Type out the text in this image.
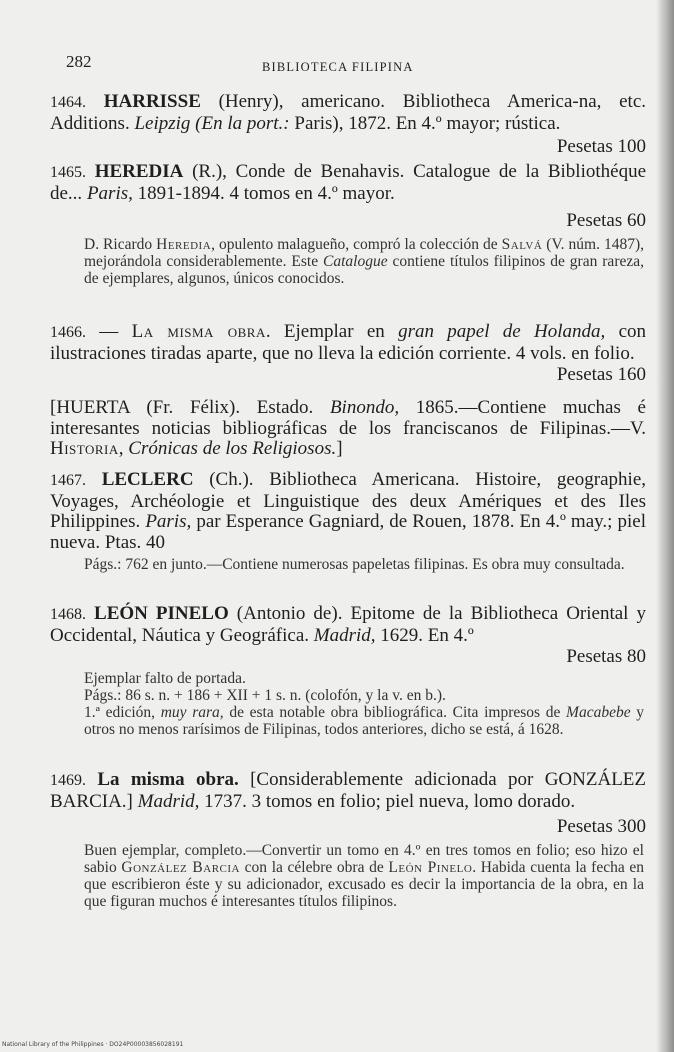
282	BIBLIOTECA FILIPINA
1464. HARRISSE (Henry), americano. Bibliotheca America-na, etc. Additions. Leipzig (En la port.: Paris), 1872. En 4.º mayor; rústica.
Pesetas 100
1465. HEREDIA (R.), Conde de Benahavis. Catalogue de la Bibliothéque de... Paris, 1891-1894. 4 tomos en 4.º mayor.
Pesetas 60
D. Ricardo Heredia, opulento malagueño, compró la colección de Salvá (V. núm. 1487), mejorándola considerablemente. Este Catalogue contiene títulos filipinos de gran rareza, de ejemplares, algunos, únicos conocidos.
1466. — La misma obra. Ejemplar en gran papel de Holanda, con ilustraciones tiradas aparte, que no lleva la edición corriente. 4 vols. en folio.
Pesetas 160
[HUERTA (Fr. Félix). Estado. Binondo, 1865.—Contiene muchas é interesantes noticias bibliográficas de los franciscanos de Filipinas.—V. Historia, Crónicas de los Religiosos.]
1467. LECLERC (Ch.). Bibliotheca Americana. Histoire, geographie, Voyages, Archéologie et Linguistique des deux Amériques et des Iles Philippines. Paris, par Esperance Gagniard, de Rouen, 1878. En 4.º may.; piel nueva. Ptas. 40
Págs.: 762 en junto.—Contiene numerosas papeletas filipinas. Es obra muy consultada.
1468. LEÓN PINELO (Antonio de). Epitome de la Bibliotheca Oriental y Occidental, Náutica y Geográfica. Madrid, 1629. En 4.º
Pesetas 80
Ejemplar falto de portada.
Págs.: 86 s. n. + 186 + XII + 1 s. n. (colofón, y la v. en b.).
1.ª edición, muy rara, de esta notable obra bibliográfica. Cita impresos de Macabebe y otros no menos rarísimos de Filipinas, todos anteriores, dicho se está, á 1628.
1469. La misma obra. [Considerablemente adicionada por GONZÁLEZ BARCIA.] Madrid, 1737. 3 tomos en folio; piel nueva, lomo dorado.
Pesetas 300
Buen ejemplar, completo.—Convertir un tomo en 4.º en tres tomos en folio; eso hizo el sabio González Barcia con la célebre obra de León Pinelo. Habida cuenta la fecha en que escribieron éste y su adicionador, excusado es decir la importancia de la obra, en la que figuran muchos é interesantes títulos filipinos.
National Library of the Philippines · DO24P00003856028191
